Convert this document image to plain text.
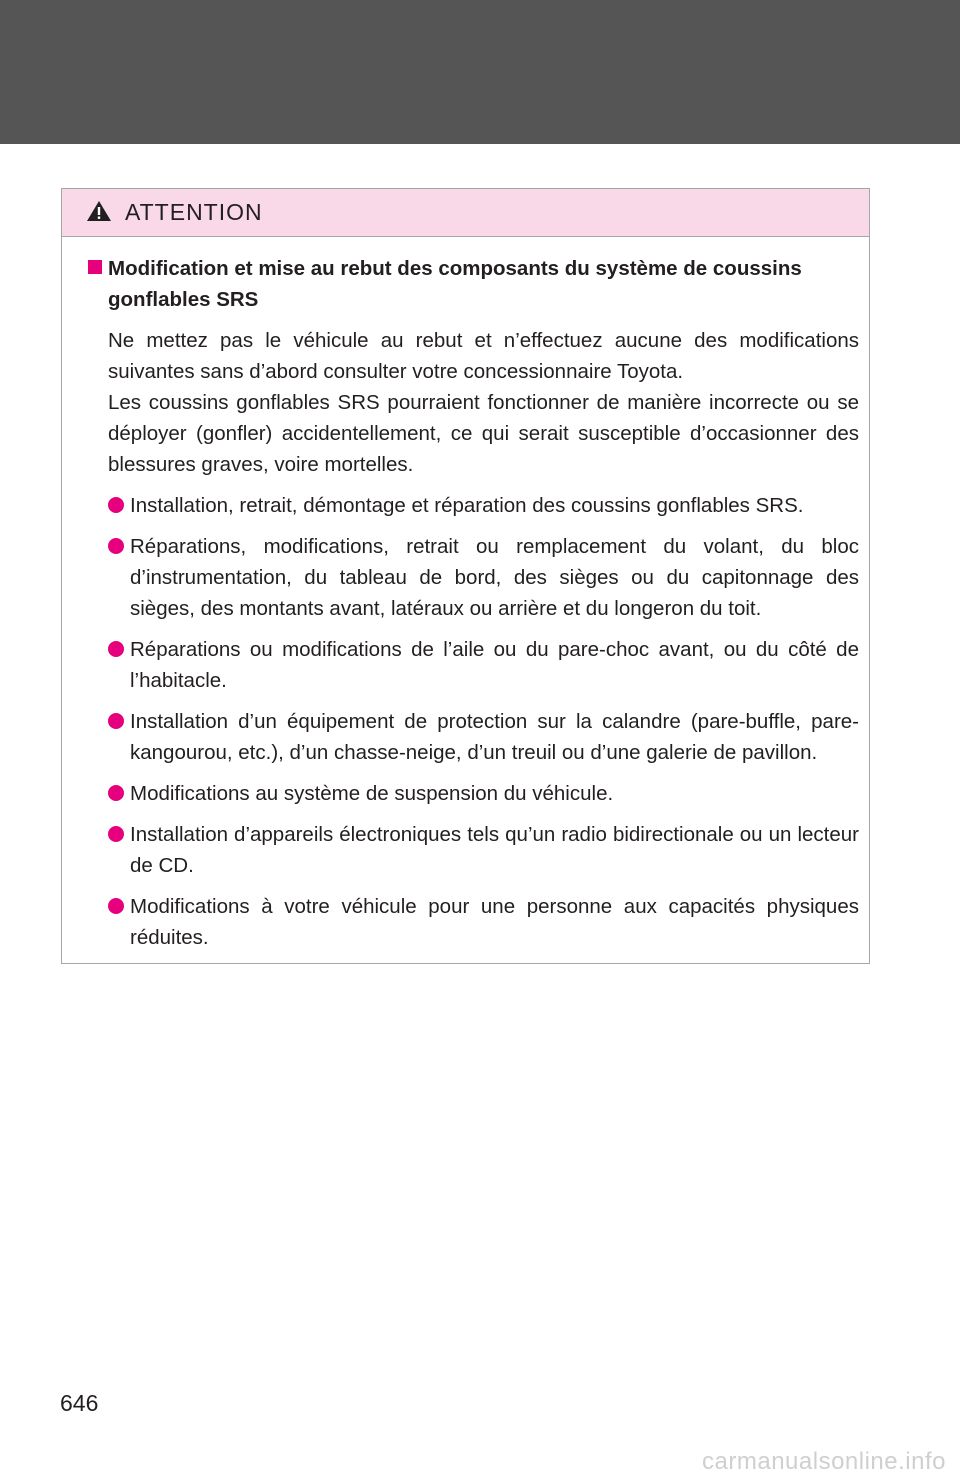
ATTENTION
Modification et mise au rebut des composants du système de coussins gonflables SRS

Ne mettez pas le véhicule au rebut et n’effectuez aucune des modifications suivantes sans d’abord consulter votre concessionnaire Toyota.

Les coussins gonflables SRS pourraient fonctionner de manière incorrecte ou se déployer (gonfler) accidentellement, ce qui serait susceptible d’occasionner des blessures graves, voire mortelles.

Installation, retrait, démontage et réparation des coussins gonflables SRS.
Réparations, modifications, retrait ou remplacement du volant, du bloc d’instrumentation, du tableau de bord, des sièges ou du capitonnage des sièges, des montants avant, latéraux ou arrière et du longeron du toit.
Réparations ou modifications de l’aile ou du pare-choc avant, ou du côté de l’habitacle.
Installation d’un équipement de protection sur la calandre (pare-buffle, pare-kangourou, etc.), d’un chasse-neige, d’un treuil ou d’une galerie de pavillon.
Modifications au système de suspension du véhicule.
Installation d’appareils électroniques tels qu’un radio bidirectionale ou un lecteur de CD.
Modifications à votre véhicule pour une personne aux capacités physiques réduites.
646
carmanualsonline.info
